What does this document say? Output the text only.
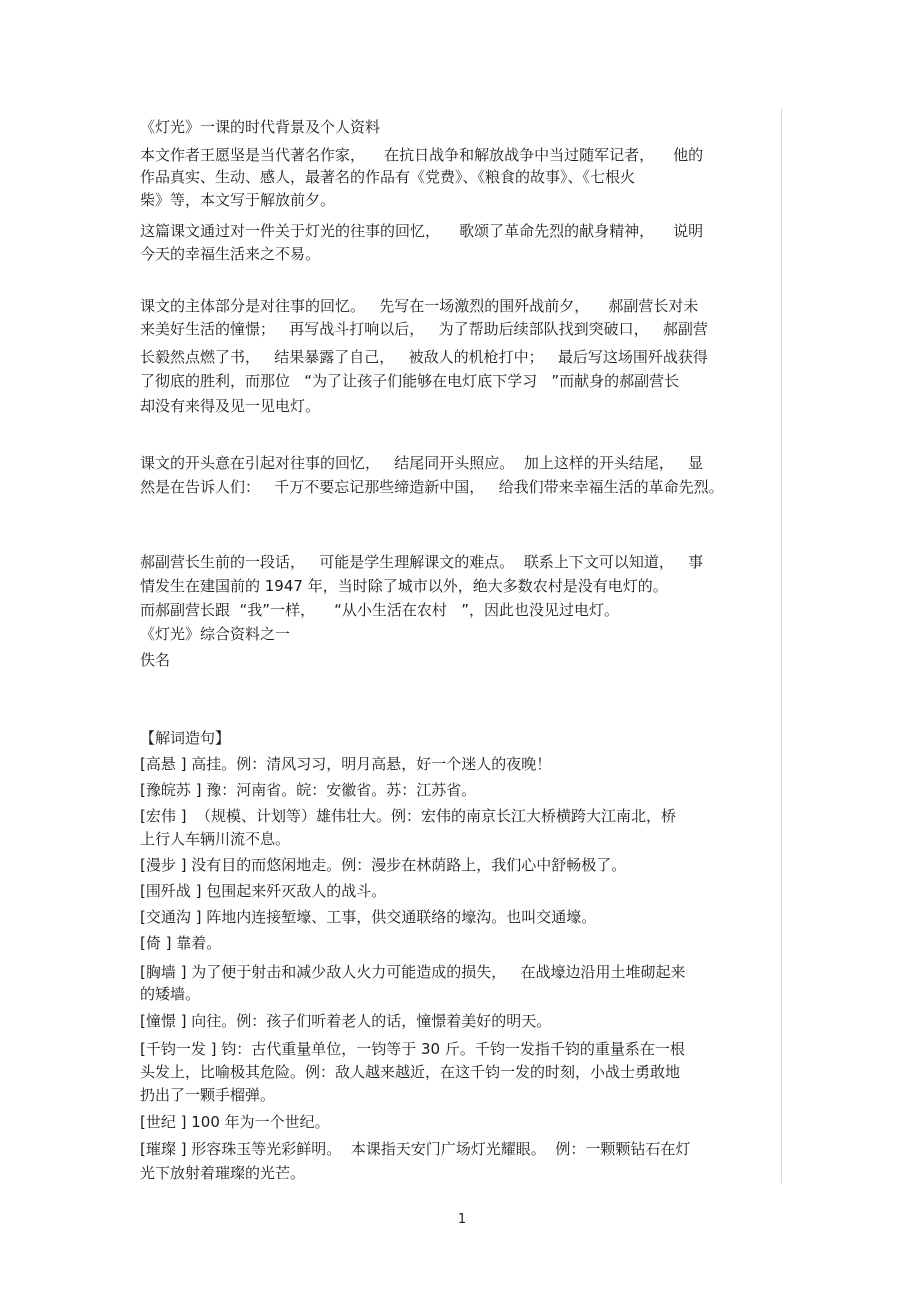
《灯光》一课的时代背景及个人资料
本文作者王愿坚是当代著名作家，    在抗日战争和解放战争中当过随军记者，    他的
作品真实、生动、感人，最著名的作品有《党费》、《粮食的故事》、《七根火
柴》等，本文写于解放前夕。
这篇课文通过对一件关于灯光的往事的回忆，    歌颂了革命先烈的献身精神，    说明
今天的幸福生活来之不易。
课文的主体部分是对往事的回忆。   先写在一场激烈的围歼战前夕，    郝副营长对未
来美好生活的憧憬；   再写战斗打响以后，   为了帮助后续部队找到突破口，   郝副营
长毅然点燃了书，   结果暴露了自己，   被敌人的机枪打中；   最后写这场围歼战获得
了彻底的胜利，而那位   “为了让孩子们能够在电灯底下学习   ”而献身的郝副营长
却没有来得及见一见电灯。
课文的开头意在引起对往事的回忆，   结尾同开头照应。  加上这样的开头结尾，   显
然是在告诉人们：   千万不要忘记那些缔造新中国，   给我们带来幸福生活的革命先烈。
郝副营长生前的一段话，   可能是学生理解课文的难点。  联系上下文可以知道，   事
情发生在建国前的 1947 年，当时除了城市以外，绝大多数农村是没有电灯的。
而郝副营长跟  “我”一样，    “从小生活在农村   ”，因此也没见过电灯。
《灯光》综合资料之一
佚名
【解词造句】
[高悬 ] 高挂。例：清风习习，明月高悬，好一个迷人的夜晚！
[豫皖苏 ] 豫：河南省。皖：安徽省。苏：江苏省。
[宏伟 ]  （规模、计划等）雄伟壮大。例：宏伟的南京长江大桥横跨大江南北，桥
上行人车辆川流不息。
[漫步 ] 没有目的而悠闲地走。例：漫步在林荫路上，我们心中舒畅极了。
[围歼战 ] 包围起来歼灭敌人的战斗。
[交通沟 ] 阵地内连接堑壕、工事，供交通联络的壕沟。也叫交通壕。
[倚 ] 靠着。
[胸墙 ] 为了便于射击和减少敌人火力可能造成的损失，   在战壕边沿用土堆砌起来
的矮墙。
[憧憬 ] 向往。例：孩子们听着老人的话，憧憬着美好的明天。
[千钧一发 ] 钧：古代重量单位，一钧等于 30 斤。千钧一发指千钧的重量系在一根
头发上，比喻极其危险。例：敌人越来越近，在这千钧一发的时刻，小战士勇敢地
扔出了一颗手榴弹。
[世纪 ] 100 年为一个世纪。
[璀璨 ] 形容珠玉等光彩鲜明。  本课指天安门广场灯光耀眼。  例：一颗颗钻石在灯
光下放射着璀璨的光芒。
1
